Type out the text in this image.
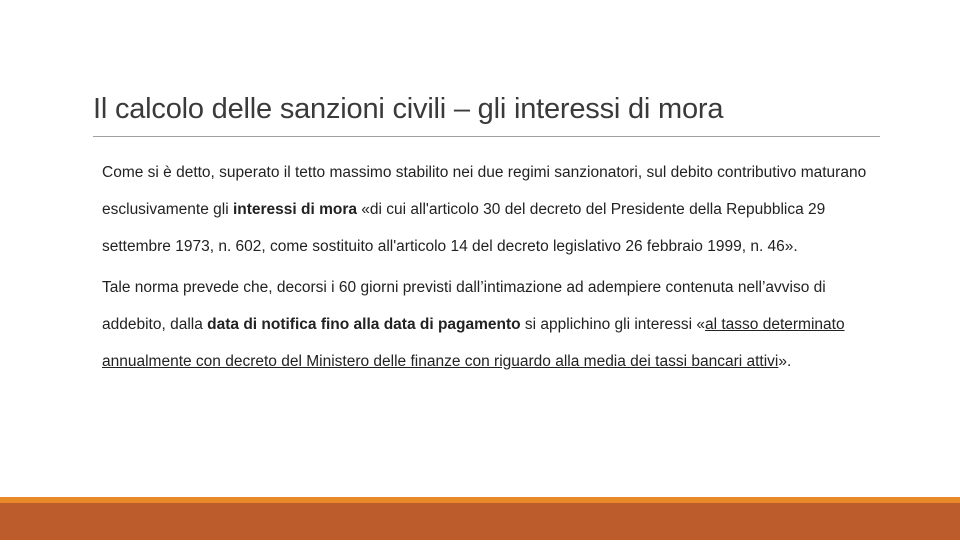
Il calcolo delle sanzioni civili – gli interessi di mora

Come si è detto, superato il tetto massimo stabilito nei due regimi sanzionatori, sul debito contributivo maturano esclusivamente gli interessi di mora «di cui all'articolo 30 del decreto del Presidente della Repubblica 29 settembre 1973, n. 602, come sostituito all'articolo 14 del decreto legislativo 26 febbraio 1999, n. 46».

Tale norma prevede che, decorsi i 60 giorni previsti dall’intimazione ad adempiere contenuta nell’avviso di addebito, dalla data di notifica fino alla data di pagamento si applichino gli interessi «al tasso determinato annualmente con decreto del Ministero delle finanze con riguardo alla media dei tassi bancari attivi».
